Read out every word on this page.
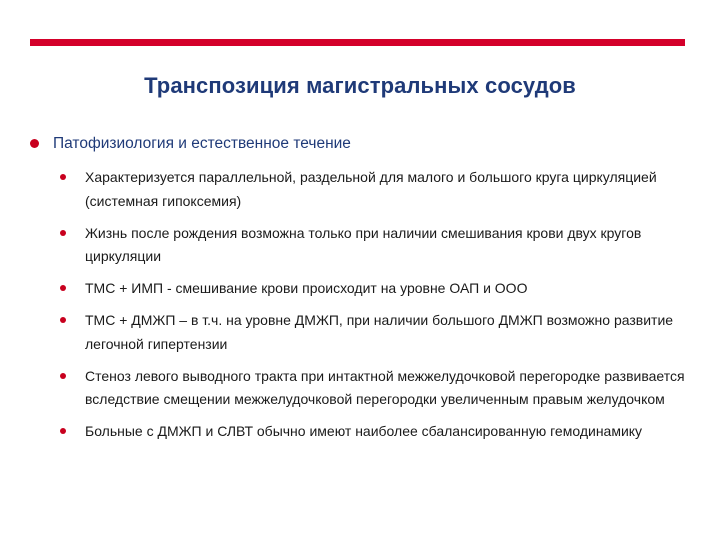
Транспозиция магистральных сосудов
Патофизиология и естественное течение
Характеризуется параллельной, раздельной для малого и большого круга циркуляцией (системная гипоксемия)
Жизнь после рождения возможна только при наличии смешивания крови двух кругов циркуляции
ТМС + ИМП - смешивание крови происходит на уровне ОАП и ООО
ТМС + ДМЖП – в т.ч. на уровне ДМЖП, при наличии большого ДМЖП возможно развитие легочной гипертензии
Стеноз левого выводного тракта при интактной межжелудочковой перегородке развивается вследствие смещении межжелудочковой перегородки увеличенным правым желудочком
Больные с ДМЖП и СЛВТ обычно имеют наиболее сбалансированную гемодинамику
